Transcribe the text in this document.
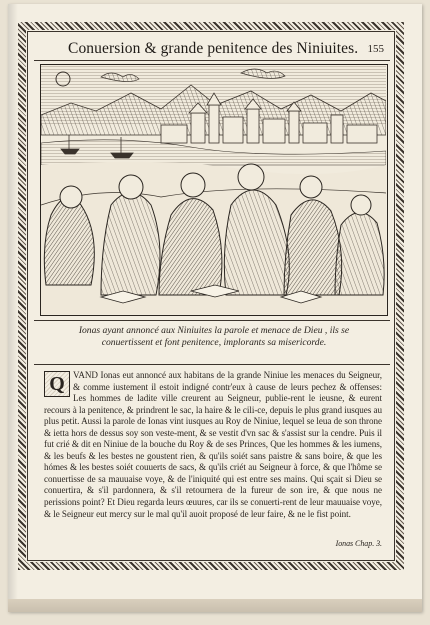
Conuersion & grande penitence des Niniuites. 155
Ionas ayant annoncé aux Niniuites la parole et menace de Dieu , ils se
conuertissent et font penitence, implorants sa misericorde.
Q VAND Ionas eut annoncé aux habitans de la grande Niniue les menaces du Seigneur, & comme iustement il estoit indigné contr'eux à cause de leurs pechez & offenses: Les hommes de ladite ville creurent au Seigneur, publie-rent le ieusne, & eurent recours à la penitence, & prindrent le sac, la haire & le cili-ce, depuis le plus grand iusques au plus petit. Aussi la parole de Ionas vint iusques au Roy de Niniue, lequel se leua de son throne & ietta hors de dessus soy son veste-ment, & se vestit d'vn sac & s'assist sur la cendre. Puis il fut crié & dit en Niniue de la bouche du Roy & de ses Princes, Que les hommes & les iumens, & les beufs & les bestes ne goustent rien, & qu'ils soiét sans paistre & sans boire, & que les hómes & les bestes soiét couuerts de sacs, & qu'ils criét au Seigneur à force, & que l'hôme se conuertisse de sa mauuaise voye, & de l'iniquité qui est entre ses mains. Qui sçait si Dieu se conuertira, & s'il pardonnera, & s'il retournera de la fureur de son ire, & que nous ne perissions point? Et Dieu regarda leurs œuures, car ils se conuerti-rent de leur mauuaise voye, & le Seigneur eut mercy sur le mal qu'il auoit proposé de leur faire, & ne le fist point.
Ionas Chap. 3.
